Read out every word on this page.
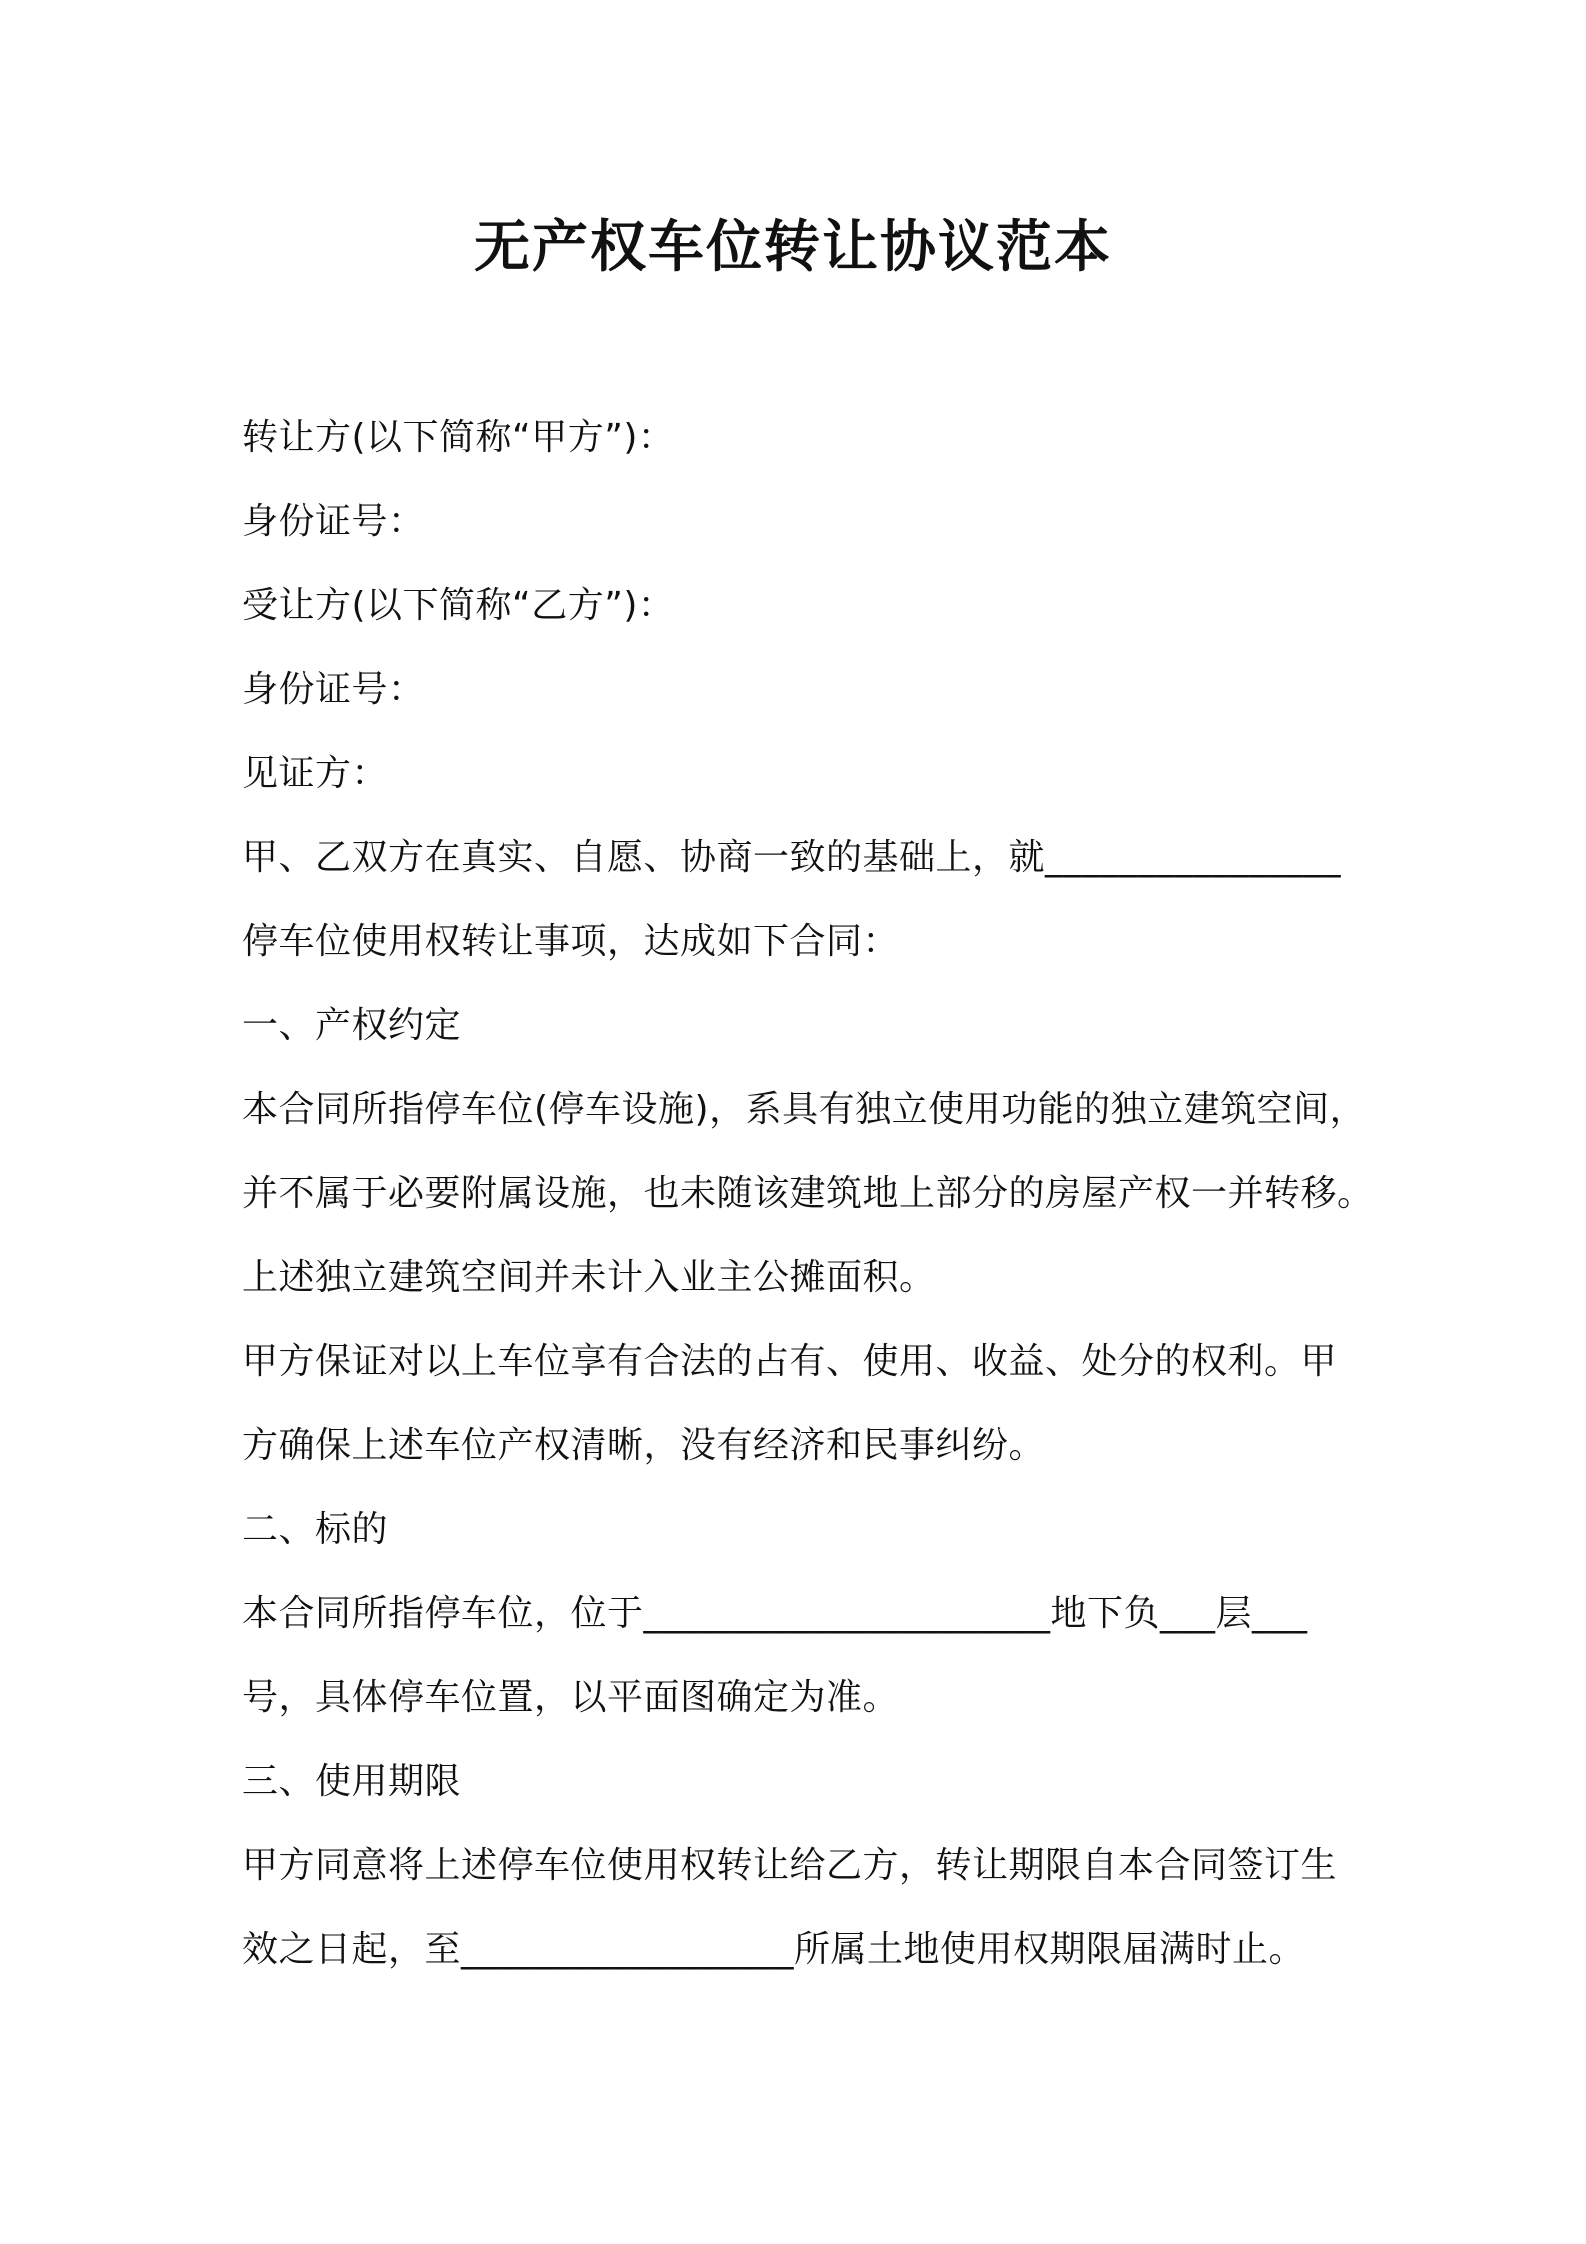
无产权车位转让协议范本
转让方(以下简称“甲方”)：
身份证号：
受让方(以下简称“乙方”)：
身份证号：
见证方：
甲、乙双方在真实、自愿、协商一致的基础上，就________________
停车位使用权转让事项，达成如下合同：
一、产权约定
本合同所指停车位(停车设施)，系具有独立使用功能的独立建筑空间，
并不属于必要附属设施，也未随该建筑地上部分的房屋产权一并转移。
上述独立建筑空间并未计入业主公摊面积。
甲方保证对以上车位享有合法的占有、使用、收益、处分的权利。甲
方确保上述车位产权清晰，没有经济和民事纠纷。
二、标的
本合同所指停车位，位于______________________地下负___层___
号，具体停车位置，以平面图确定为准。
三、使用期限
甲方同意将上述停车位使用权转让给乙方，转让期限自本合同签订生
效之日起，至__________________所属土地使用权期限届满时止。
